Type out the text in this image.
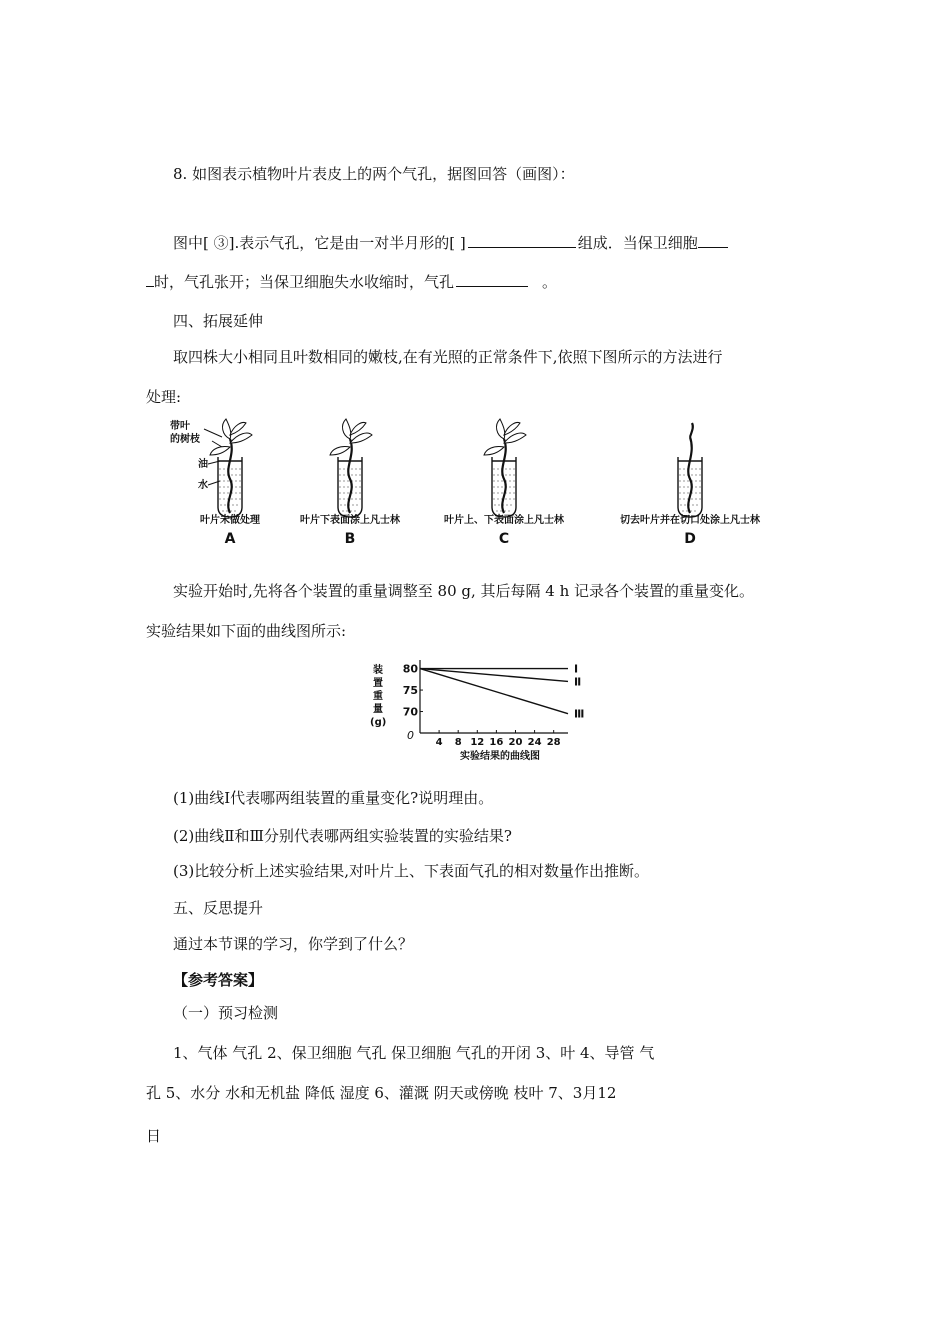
8. 如图表示植物叶片表皮上的两个气孔，据图回答（画图）：
图中[ ③].表示气孔，它是由一对半月形的[ ]	组成．当保卫细胞
时，气孔张开；当保卫细胞失水收缩时，气孔	。
四、拓展延伸
取四株大小相同且叶数相同的嫩枝,在有光照的正常条件下,依照下图所示的方法进行
处理:
带叶
的树枝
油
水
叶片未做处理	叶片下表面涂上凡士林	叶片上、下表面涂上凡士林	切去叶片并在切口处涂上凡士林
A	B	C	D
实验开始时,先将各个装置的重量调整至 80 g, 其后每隔 4 h 记录各个装置的重量变化。
实验结果如下面的曲线图所示:
装
置
重
量
(g)
4 8 12 16 20 24 28
70
75
80
0
Ⅰ
Ⅱ
Ⅲ
实验结果的曲线图
(1)曲线Ⅰ代表哪两组装置的重量变化?说明理由。
(2)曲线Ⅱ和Ⅲ分别代表哪两组实验装置的实验结果?
(3)比较分析上述实验结果,对叶片上、下表面气孔的相对数量作出推断。
五、反思提升
通过本节课的学习，你学到了什么？
【参考答案】
（一）预习检测
1、气体 气孔 2、保卫细胞 气孔 保卫细胞 气孔的开闭 3、叶 4、导管 气
孔 5、水分 水和无机盐 降低 湿度 6、灌溉 阴天或傍晚 枝叶 7、3月12
日
